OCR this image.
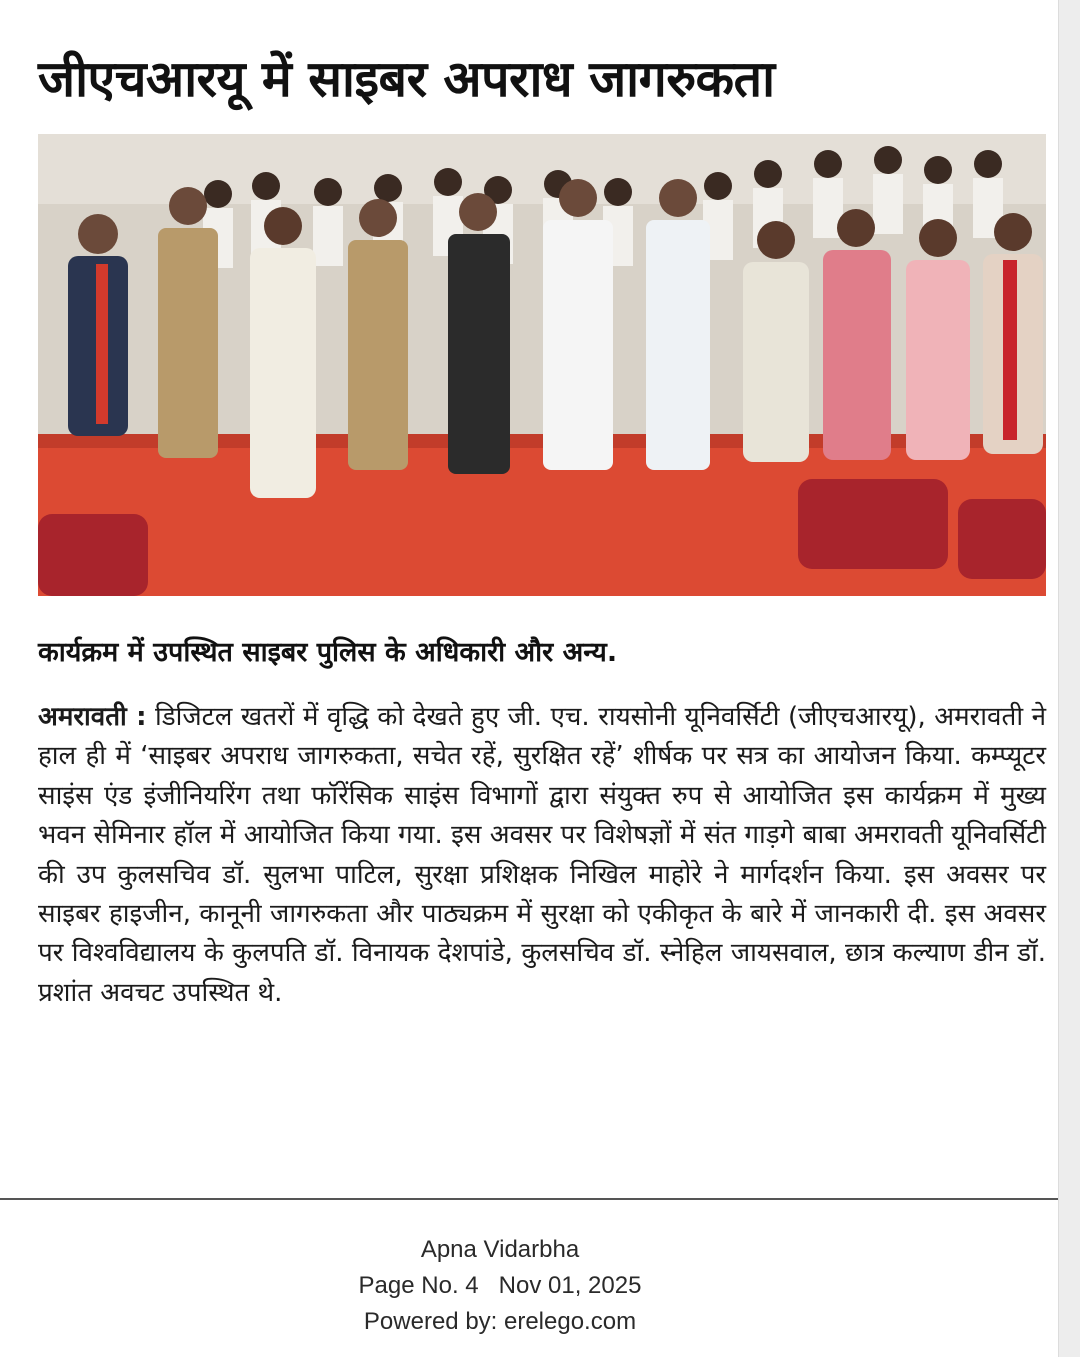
जीएचआरयू में साइबर अपराध जागरुकता

कार्यक्रम में उपस्थित साइबर पुलिस के अधिकारी और अन्य.

अमरावती : डिजिटल खतरों में वृद्धि को देखते हुए जी. एच. रायसोनी यूनिवर्सिटी (जीएचआरयू), अमरावती ने हाल ही में ‘साइबर अपराध जागरुकता, सचेत रहें, सुरक्षित रहें’ शीर्षक पर सत्र का आयोजन किया. कम्प्यूटर साइंस एंड इंजीनियरिंग तथा फॉरेंसिक साइंस विभागों द्वारा संयुक्त रुप से आयोजित इस कार्यक्रम में मुख्य भवन सेमिनार हॉल में आयोजित किया गया. इस अवसर पर विशेषज्ञों में संत गाड़गे बाबा अमरावती यूनिवर्सिटी की उप कुलसचिव डॉ. सुलभा पाटिल, सुरक्षा प्रशिक्षक निखिल माहोरे ने मार्गदर्शन किया. इस अवसर पर साइबर हाइजीन, कानूनी जागरुकता और पाठ्यक्रम में सुरक्षा को एकीकृत के बारे में जानकारी दी. इस अवसर पर विश्वविद्यालय के कुलपति डॉ. विनायक देशपांडे, कुलसचिव डॉ. स्नेहिल जायसवाल, छात्र कल्याण डीन डॉ. प्रशांत अवचट उपस्थित थे.

Apna Vidarbha
Page No. 4 Nov 01, 2025
Powered by: erelego.com
